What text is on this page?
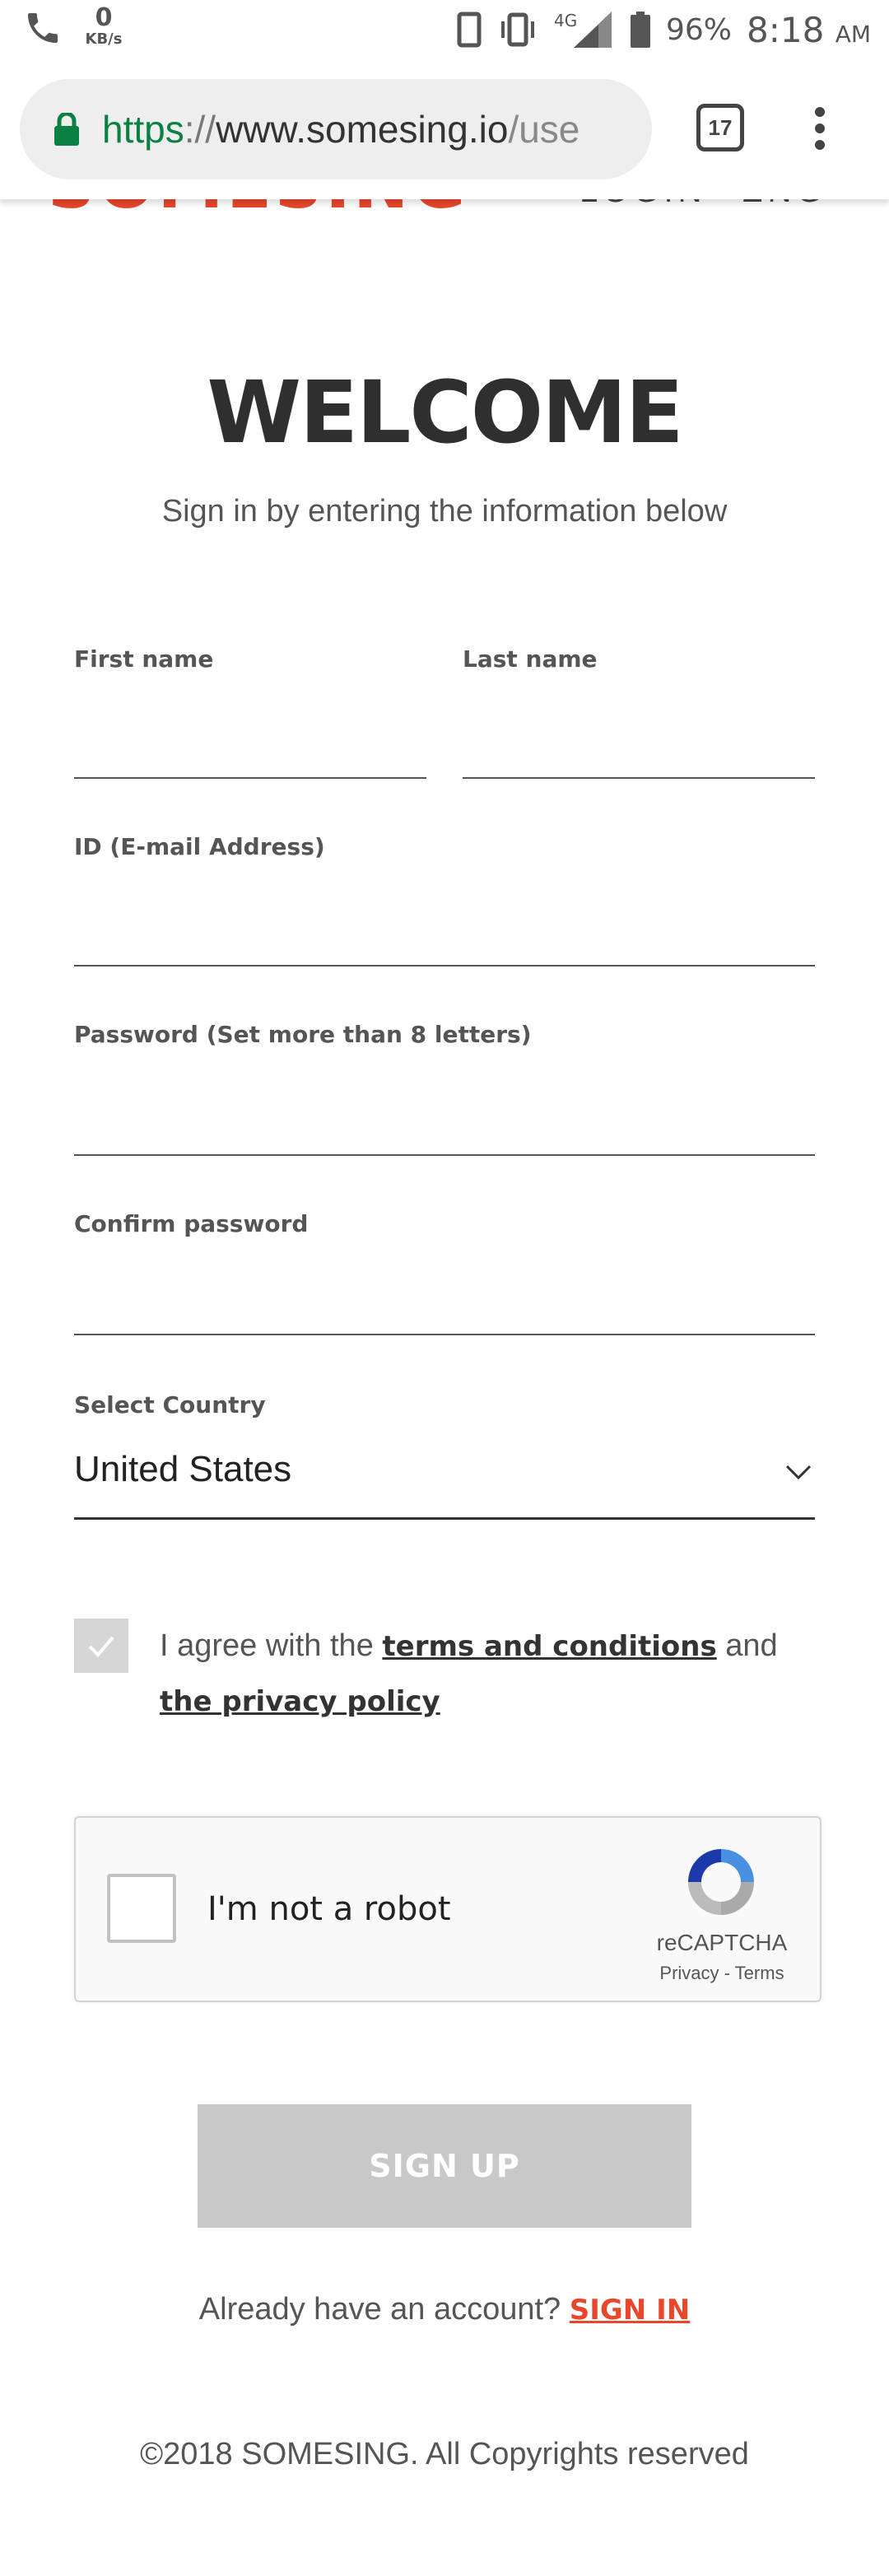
0
KB/s
4G	96% 8:18 AM
https://www.somesing.io/use	17
WELCOME

Sign in by entering the information below

First name	Last name
ID (E-mail Address)
Password (Set more than 8 letters)
Confirm password
Select Country
United States
I agree with the terms and conditions and
the privacy policy
I'm not a robot
reCAPTCHA
Privacy - Terms
SIGN UP

Already have an account? SIGN IN

©2018 SOMESING. All Copyrights reserved
